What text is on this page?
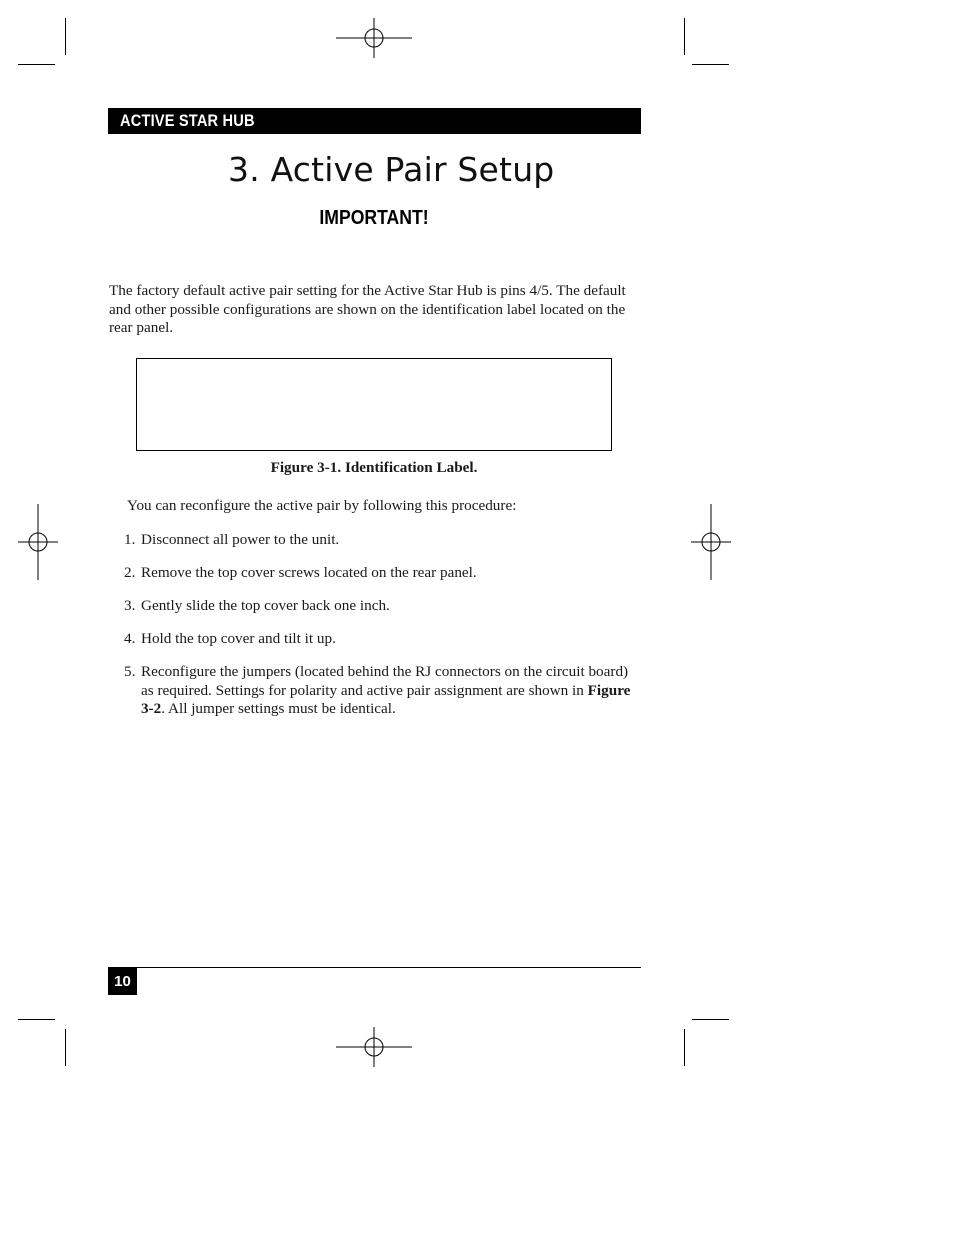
ACTIVE STAR HUB
3. Active Pair Setup
IMPORTANT!
The factory default active pair setting for the Active Star Hub is pins 4/5. The default and other possible configurations are shown on the identification label located on the rear panel.
Figure 3-1. Identification Label.
You can reconfigure the active pair by following this procedure:
1. Disconnect all power to the unit.
2. Remove the top cover screws located on the rear panel.
3. Gently slide the top cover back one inch.
4. Hold the top cover and tilt it up.
5. Reconfigure the jumpers (located behind the RJ connectors on the circuit board) as required. Settings for polarity and active pair assignment are shown in Figure 3-2. All jumper settings must be identical.
10
